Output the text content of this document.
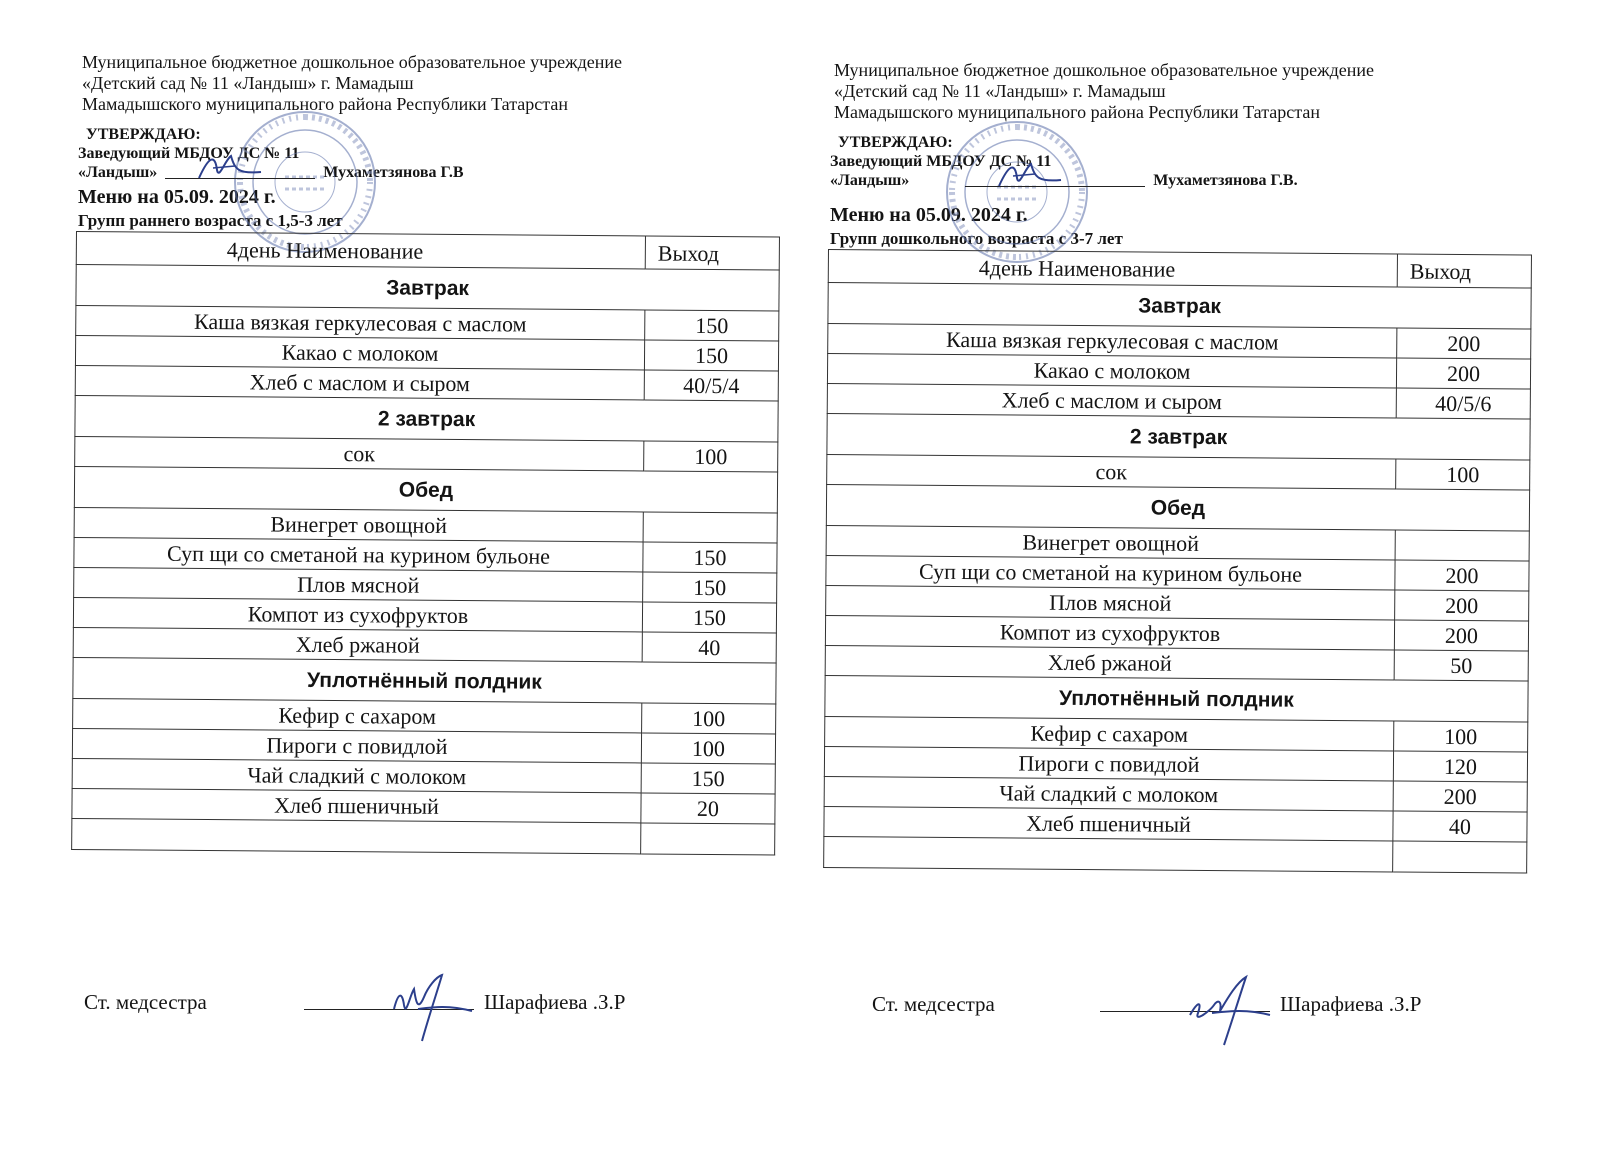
Муниципальное бюджетное дошкольное образовательное учреждение
«Детский сад № 11 «Ландыш» г. Мамадыш
Мамадышского муниципального района Республики Татарстан
УТВЕРЖДАЮ:
Заведующий МБДОУ ДС № 11
«Ландыш»	Мухаметзянова Г.В
Меню на 05.09. 2024 г.
Групп раннего возраста с 1,5-3 лет
4день Наименование	Выход
Завтрак	
Каша вязкая геркулесовая с маслом	150
Какао с молоком	150
Хлеб с маслом и сыром	40/5/4
2 завтрак	
сок	100
Обед	
Винегрет овощной	
Суп щи со сметаной на курином бульоне	150
Плов мясной	150
Компот из сухофруктов	150
Хлеб ржаной	40
Уплотнённый полдник	
Кефир с сахаром	100
Пироги с повидлой	100
Чай сладкий с молоком	150
Хлеб пшеничный	20

Ст. медсестра	Шарафиева .З.Р
Муниципальное бюджетное дошкольное образовательное учреждение
«Детский сад № 11 «Ландыш» г. Мамадыш
Мамадышского муниципального района Республики Татарстан
УТВЕРЖДАЮ:
Заведующий МБДОУ ДС № 11
«Ландыш»	Мухаметзянова Г.В.
Меню на 05.09. 2024 г.
Групп дошкольного возраста с 3-7 лет
4день Наименование	Выход
Завтрак	
Каша вязкая геркулесовая с маслом	200
Какао с молоком	200
Хлеб с маслом и сыром	40/5/6
2 завтрак	
сок	100
Обед	
Винегрет овощной	
Суп щи со сметаной на курином бульоне	200
Плов мясной	200
Компот из сухофруктов	200
Хлеб ржаной	50
Уплотнённый полдник	
Кефир с сахаром	100
Пироги с повидлой	120
Чай сладкий с молоком	200
Хлеб пшеничный	40

Ст. медсестра	Шарафиева .З.Р
